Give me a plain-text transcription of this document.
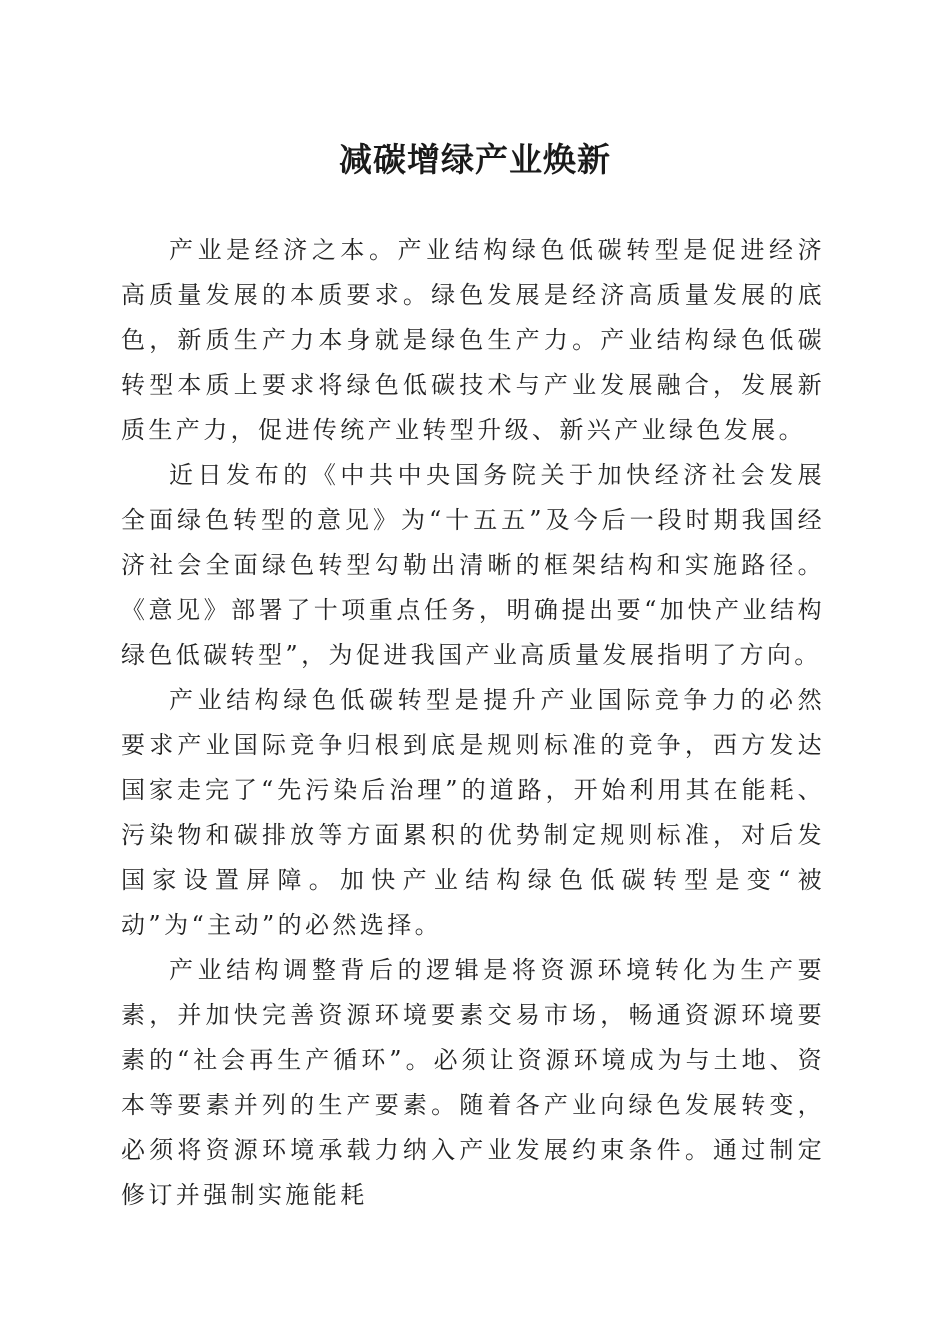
减碳增绿产业焕新

产业是经济之本。产业结构绿色低碳转型是促进经济高质量发展的本质要求。绿色发展是经济高质量发展的底色，新质生产力本身就是绿色生产力。产业结构绿色低碳转型本质上要求将绿色低碳技术与产业发展融合，发展新质生产力，促进传统产业转型升级、新兴产业绿色发展。

近日发布的《中共中央国务院关于加快经济社会发展全面绿色转型的意见》为“十五五”及今后一段时期我国经济社会全面绿色转型勾勒出清晰的框架结构和实施路径。《意见》部署了十项重点任务，明确提出要“加快产业结构绿色低碳转型”，为促进我国产业高质量发展指明了方向。

产业结构绿色低碳转型是提升产业国际竞争力的必然要求产业国际竞争归根到底是规则标准的竞争，西方发达国家走完了“先污染后治理”的道路，开始利用其在能耗、污染物和碳排放等方面累积的优势制定规则标准，对后发国家设置屏障。加快产业结构绿色低碳转型是变“被动”为“主动”的必然选择。

产业结构调整背后的逻辑是将资源环境转化为生产要素，并加快完善资源环境要素交易市场，畅通资源环境要素的“社会再生产循环”。必须让资源环境成为与土地、资本等要素并列的生产要素。随着各产业向绿色发展转变，必须将资源环境承载力纳入产业发展约束条件。通过制定修订并强制实施能耗
